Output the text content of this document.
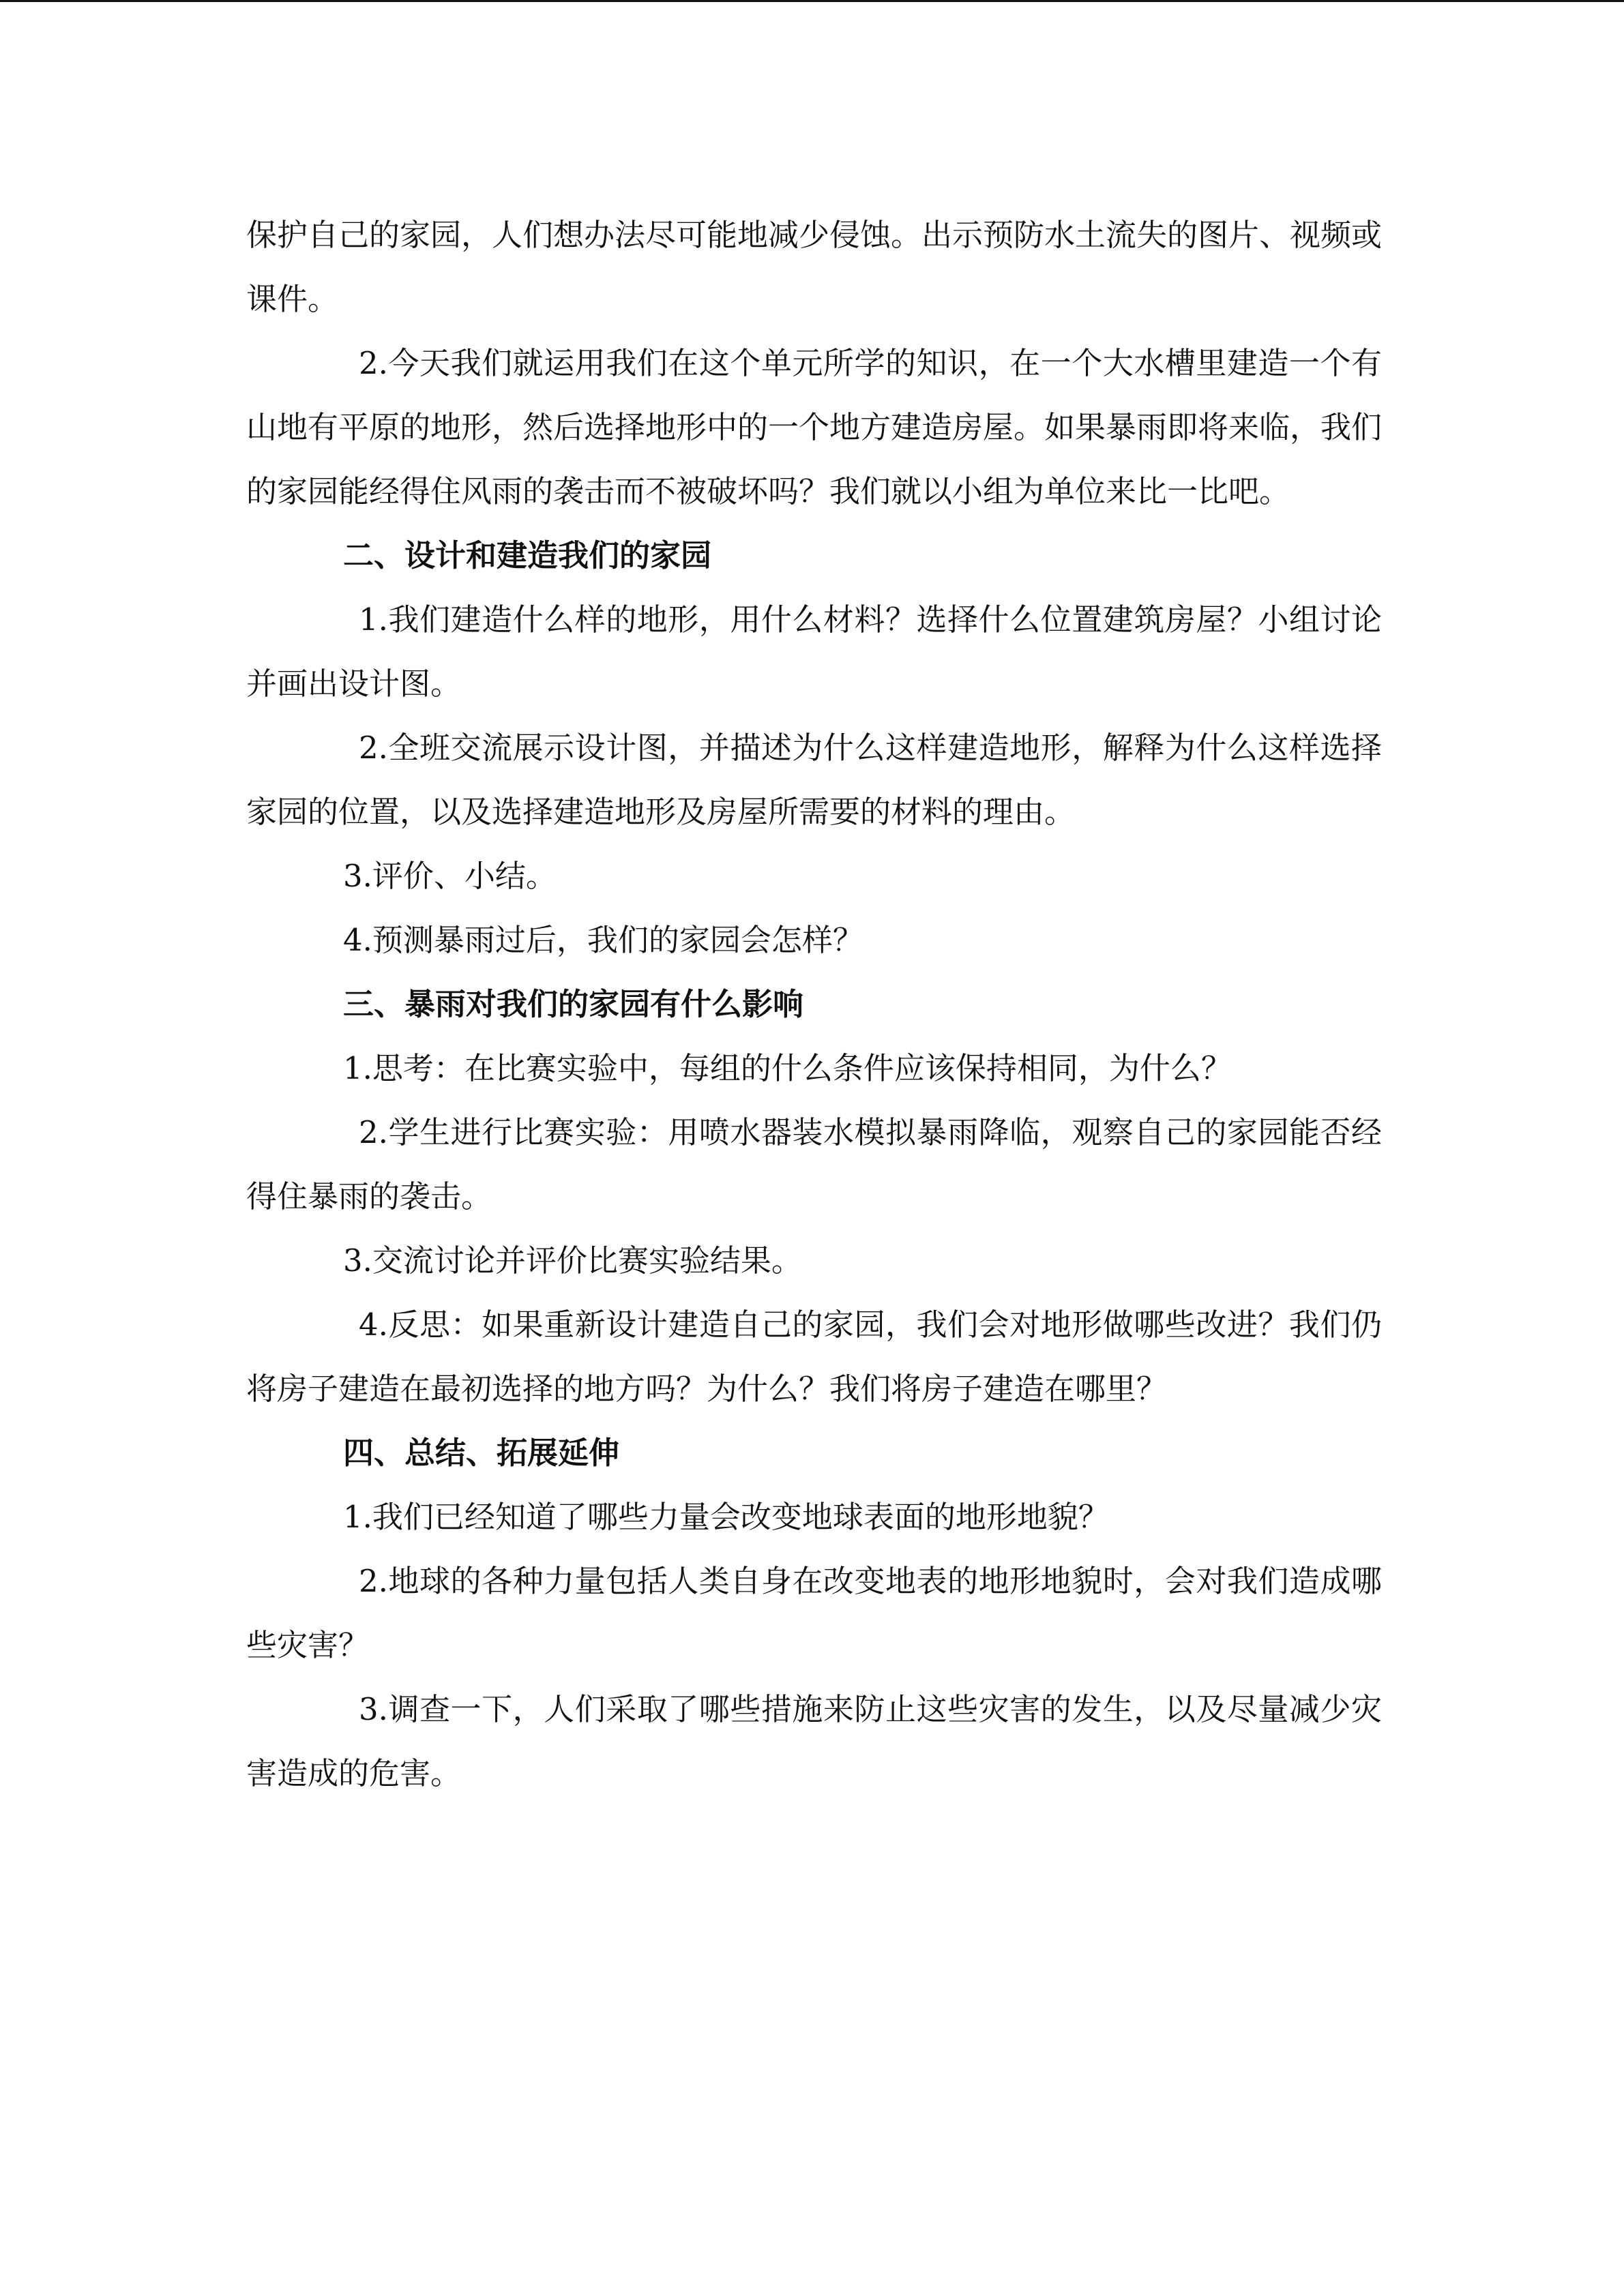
保护自己的家园，人们想办法尽可能地减少侵蚀。出示预防水土流失的图片、视频或课件。

2.今天我们就运用我们在这个单元所学的知识，在一个大水槽里建造一个有山地有平原的地形，然后选择地形中的一个地方建造房屋。如果暴雨即将来临，我们的家园能经得住风雨的袭击而不被破坏吗？我们就以小组为单位来比一比吧。

二、设计和建造我们的家园

1.我们建造什么样的地形，用什么材料？选择什么位置建筑房屋？小组讨论并画出设计图。

2.全班交流展示设计图，并描述为什么这样建造地形，解释为什么这样选择家园的位置，以及选择建造地形及房屋所需要的材料的理由。

3.评价、小结。

4.预测暴雨过后，我们的家园会怎样？

三、暴雨对我们的家园有什么影响

1.思考：在比赛实验中，每组的什么条件应该保持相同，为什么？

2.学生进行比赛实验：用喷水器装水模拟暴雨降临，观察自己的家园能否经得住暴雨的袭击。

3.交流讨论并评价比赛实验结果。

4.反思：如果重新设计建造自己的家园，我们会对地形做哪些改进？我们仍将房子建造在最初选择的地方吗？为什么？我们将房子建造在哪里？

四、总结、拓展延伸

1.我们已经知道了哪些力量会改变地球表面的地形地貌？

2.地球的各种力量包括人类自身在改变地表的地形地貌时，会对我们造成哪些灾害？

3.调查一下，人们采取了哪些措施来防止这些灾害的发生，以及尽量减少灾害造成的危害。
